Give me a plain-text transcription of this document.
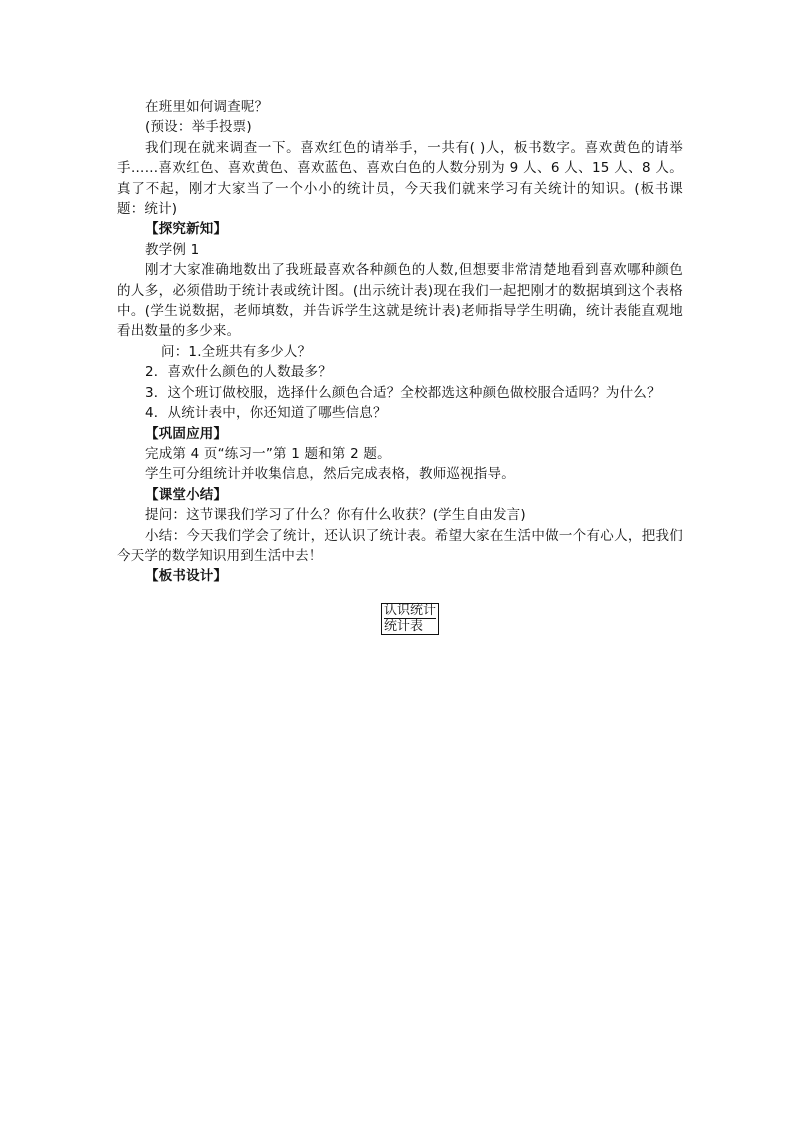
在班里如何调查呢？

(预设：举手投票)

我们现在就来调查一下。喜欢红色的请举手，一共有( )人，板书数字。喜欢黄色的请举手……喜欢红色、喜欢黄色、喜欢蓝色、喜欢白色的人数分别为 9 人、6 人、15 人、8 人。真了不起，刚才大家当了一个小小的统计员，今天我们就来学习有关统计的知识。(板书课题：统计)

【探究新知】

教学例 1

刚才大家准确地数出了我班最喜欢各种颜色的人数,但想要非常清楚地看到喜欢哪种颜色的人多，必须借助于统计表或统计图。(出示统计表)现在我们一起把刚才的数据填到这个表格中。(学生说数据，老师填数，并告诉学生这就是统计表)老师指导学生明确，统计表能直观地看出数量的多少来。

问：1.全班共有多少人？

2．喜欢什么颜色的人数最多？

3．这个班订做校服，选择什么颜色合适？全校都选这种颜色做校服合适吗？为什么？

4．从统计表中，你还知道了哪些信息？

【巩固应用】

完成第 4 页“练习一”第 1 题和第 2 题。

学生可分组统计并收集信息，然后完成表格，教师巡视指导。

【课堂小结】

提问：这节课我们学习了什么？你有什么收获？(学生自由发言)

小结：今天我们学会了统计，还认识了统计表。希望大家在生活中做一个有心人，把我们今天学的数学知识用到生活中去！

【板书设计】

认识统计
统计表
